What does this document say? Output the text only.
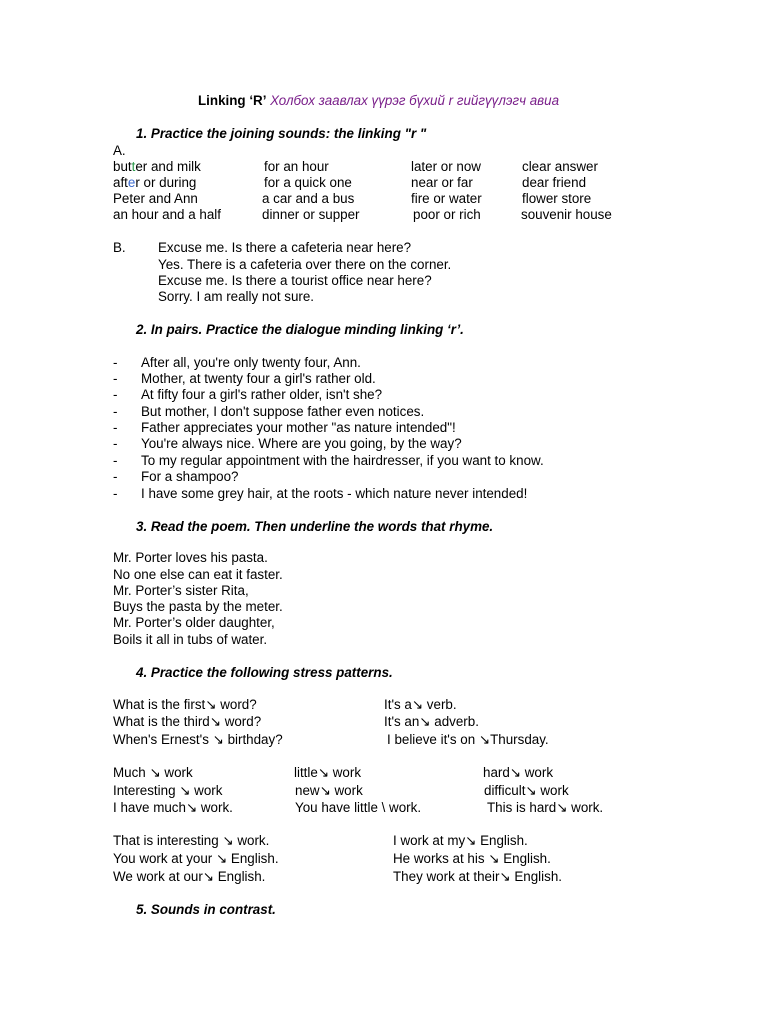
Linking ‘R’ Холбох заавлах үүрэг бүхий r гийгүүлэгч авиа
1. Practice the joining sounds: the linking "r "
A.
butter and milk	for an hour	later or now	clear answer
after or during	for a quick one	near or far	dear friend
Peter and Ann	a car and a bus	fire or water	flower store
an hour and a half	dinner or supper	poor or rich	souvenir house
B. Excuse me. Is there a cafeteria near here?
Yes. There is a cafeteria over there on the corner.
Excuse me. Is there a tourist office near here?
Sorry. I am really not sure.
2. In pairs. Practice the dialogue minding linking ‘r’.
- After all, you're only twenty four, Ann.
- Mother, at twenty four a girl's rather old.
- At fifty four a girl's rather older, isn't she?
- But mother, I don't suppose father even notices.
- Father appreciates your mother "as nature intended"!
- You're always nice. Where are you going, by the way?
- To my regular appointment with the hairdresser, if you want to know.
- For a shampoo?
- I have some grey hair, at the roots - which nature never intended!
3. Read the poem. Then underline the words that rhyme.
Mr. Porter loves his pasta.
No one else can eat it faster.
Mr. Porter’s sister Rita,
Buys the pasta by the meter.
Mr. Porter’s older daughter,
Boils it all in tubs of water.
4. Practice the following stress patterns.
What is the first↘ word?	It's a↘ verb.
What is the third↘ word?	It's an↘ adverb.
When's Ernest's ↘ birthday?	I believe it's on ↘Thursday.
Much ↘ work	little↘ work	hard↘ work
Interesting ↘ work	new↘ work	difficult↘ work
I have much↘ work.	You have little \ work.	This is hard↘ work.
That is interesting ↘ work.	I work at my↘ English.
You work at your ↘ English.	He works at his ↘ English.
We work at our↘ English.	They work at their↘ English.
5. Sounds in contrast.
